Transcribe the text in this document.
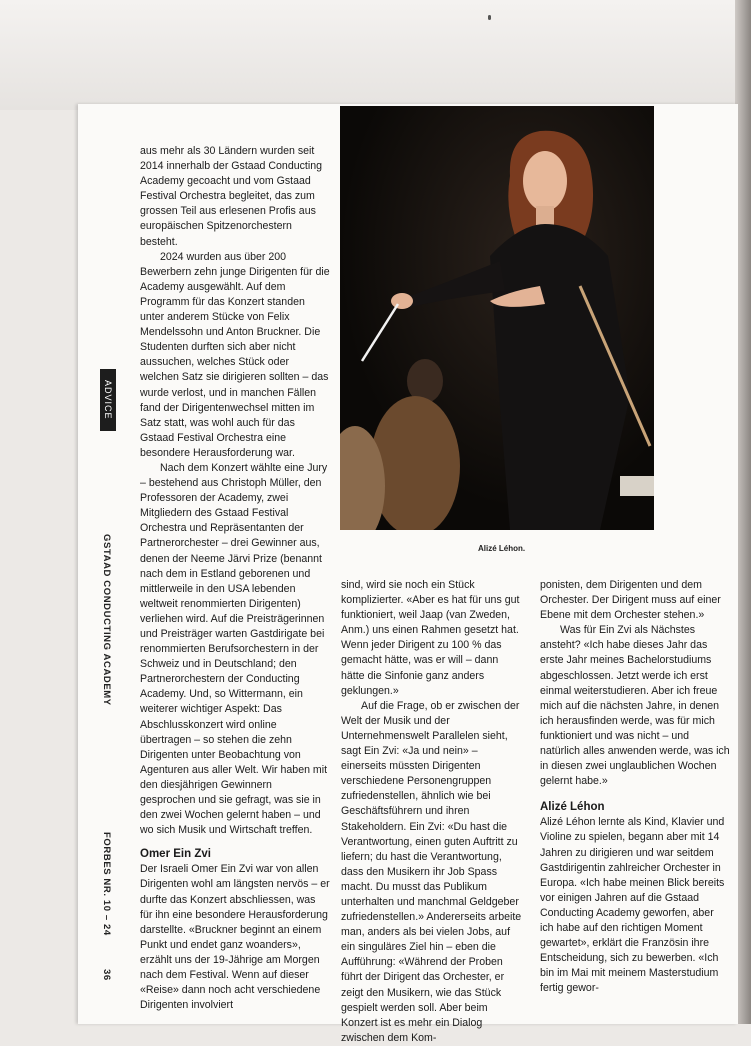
ADVICE
GSTAAD CONDUCTING ACADEMY
FORBES NR. 10 – 24
36

aus mehr als 30 Ländern wurden seit 2014 innerhalb der Gstaad Conducting Academy gecoacht und vom Gstaad Festival Orchestra begleitet, das zum grossen Teil aus erlesenen Profis aus europäischen Spitzenorchestern besteht.

2024 wurden aus über 200 Bewerbern zehn junge Dirigenten für die Academy ausgewählt. Auf dem Programm für das Konzert standen unter anderem Stücke von Felix Mendelssohn und Anton Bruckner. Die Studenten durften sich aber nicht aussuchen, welches Stück oder welchen Satz sie dirigieren sollten – das wurde verlost, und in manchen Fällen fand der Dirigentenwechsel mitten im Satz statt, was wohl auch für das Gstaad Festival Orchestra eine besondere Herausforderung war.

Nach dem Konzert wählte eine Jury – bestehend aus Christoph Müller, den Professoren der Academy, zwei Mitgliedern des Gstaad Festival Orchestra und Repräsentanten der Partnerorchester – drei Gewinner aus, denen der Neeme Järvi Prize (benannt nach dem in Estland geborenen und mittlerweile in den USA lebenden weltweit renommierten Dirigenten) verliehen wird. Auf die Preisträgerinnen und Preisträger warten Gastdirigate bei renommierten Berufsorchestern in der Schweiz und in Deutschland; den Partnerorchestern der Conducting Academy. Und, so Wittermann, ein weiterer wichtiger Aspekt: Das Abschlusskonzert wird online übertragen – so stehen die zehn Dirigenten unter Beobachtung von Agenturen aus aller Welt. Wir haben mit den diesjährigen Gewinnern gesprochen und sie gefragt, was sie in den zwei Wochen gelernt haben – und wo sich Musik und Wirtschaft treffen.

Omer Ein Zvi

Der Israeli Omer Ein Zvi war von allen Dirigenten wohl am längsten nervös – er durfte das Konzert abschliessen, was für ihn eine besondere Herausforderung darstellte. «Bruckner beginnt an einem Punkt und endet ganz woanders», erzählt uns der 19-Jährige am Morgen nach dem Festival. Wenn auf dieser «Reise» dann noch acht verschiedene Dirigenten involviert

Alizé Léhon.

sind, wird sie noch ein Stück komplizierter. «Aber es hat für uns gut funktioniert, weil Jaap (van Zweden, Anm.) uns einen Rahmen gesetzt hat. Wenn jeder Dirigent zu 100 % das gemacht hätte, was er will – dann hätte die Sinfonie ganz anders geklungen.»

Auf die Frage, ob er zwischen der Welt der Musik und der Unternehmenswelt Parallelen sieht, sagt Ein Zvi: «Ja und nein» – einerseits müssten Dirigenten verschiedene Personengruppen zufriedenstellen, ähnlich wie bei Geschäftsführern und ihren Stakeholdern. Ein Zvi: «Du hast die Verantwortung, einen guten Auftritt zu liefern; du hast die Verantwortung, dass den Musikern ihr Job Spass macht. Du musst das Publikum unterhalten und manchmal Geldgeber zufriedenstellen.» Andererseits arbeite man, anders als bei vielen Jobs, auf ein singuläres Ziel hin – eben die Aufführung: «Während der Proben führt der Dirigent das Orchester, er zeigt den Musikern, wie das Stück gespielt werden soll. Aber beim Konzert ist es mehr ein Dialog zwischen dem Kom-

ponisten, dem Dirigenten und dem Orchester. Der Dirigent muss auf einer Ebene mit dem Orchester stehen.»

Was für Ein Zvi als Nächstes ansteht? «Ich habe dieses Jahr das erste Jahr meines Bachelorstudiums abgeschlossen. Jetzt werde ich erst einmal weiterstudieren. Aber ich freue mich auf die nächsten Jahre, in denen ich herausfinden werde, was für mich funktioniert und was nicht – und natürlich alles anwenden werde, was ich in diesen zwei unglaublichen Wochen gelernt habe.»

Alizé Léhon

Alizé Léhon lernte als Kind, Klavier und Violine zu spielen, begann aber mit 14 Jahren zu dirigieren und war seitdem Gastdirigentin zahlreicher Orchester in Europa. «Ich habe meinen Blick bereits vor einigen Jahren auf die Gstaad Conducting Academy geworfen, aber ich habe auf den richtigen Moment gewartet», erklärt die Französin ihre Entscheidung, sich zu bewerben. «Ich bin im Mai mit meinem Masterstudium fertig gewor-
